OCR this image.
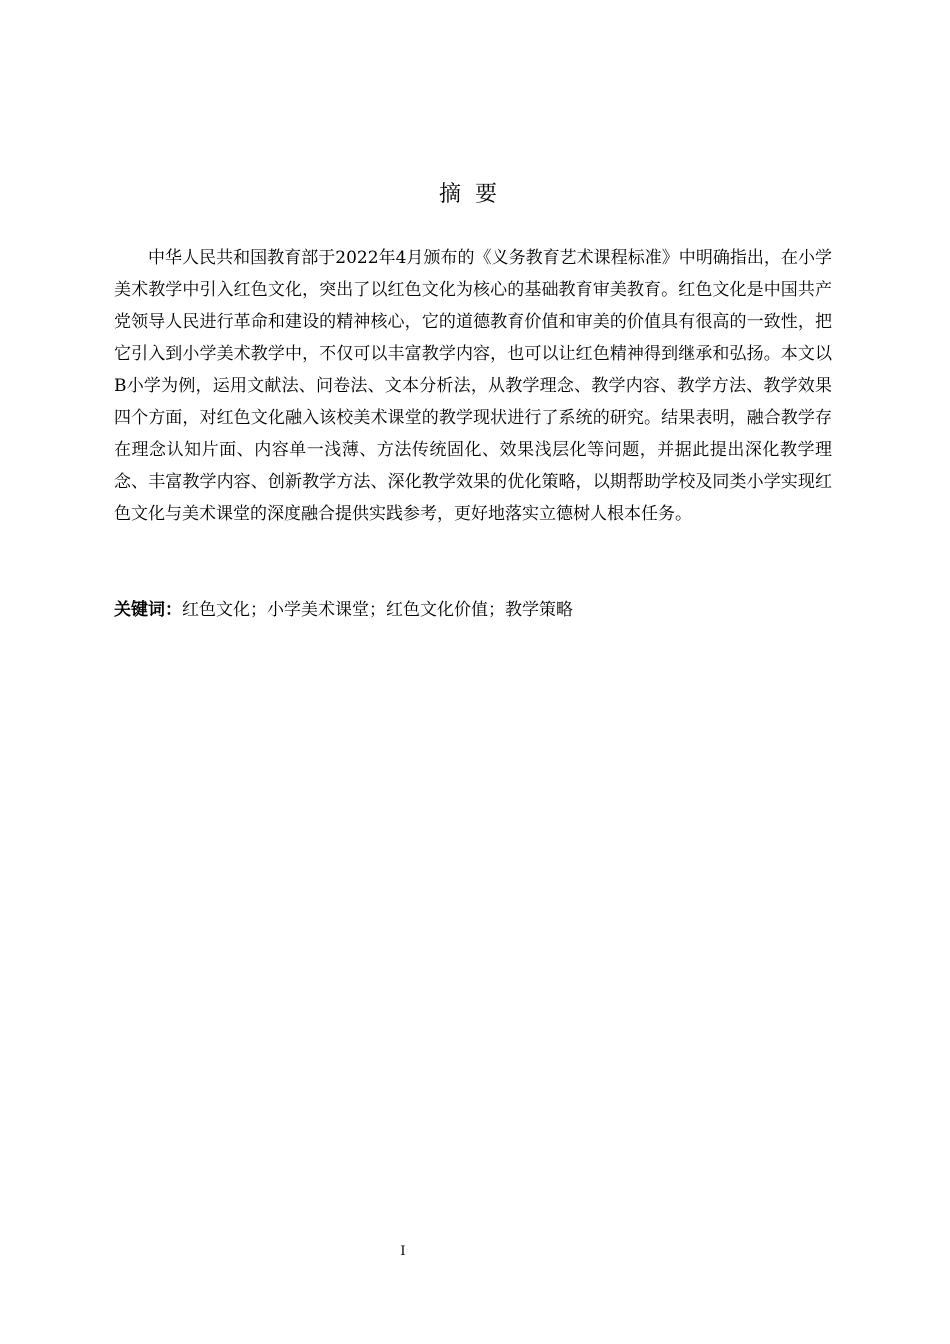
摘要

中华人民共和国教育部于2022年4月颁布的《义务教育艺术课程标准》中明确指出，在小学美术教学中引入红色文化，突出了以红色文化为核心的基础教育审美教育。红色文化是中国共产党领导人民进行革命和建设的精神核心，它的道德教育价值和审美的价值具有很高的一致性，把它引入到小学美术教学中，不仅可以丰富教学内容，也可以让红色精神得到继承和弘扬。本文以B小学为例，运用文献法、问卷法、文本分析法，从教学理念、教学内容、教学方法、教学效果四个方面，对红色文化融入该校美术课堂的教学现状进行了系统的研究。结果表明，融合教学存在理念认知片面、内容单一浅薄、方法传统固化、效果浅层化等问题，并据此提出深化教学理念、丰富教学内容、创新教学方法、深化教学效果的优化策略，以期帮助学校及同类小学实现红色文化与美术课堂的深度融合提供实践参考，更好地落实立德树人根本任务。

关键词：红色文化；小学美术课堂；红色文化价值；教学策略

I
